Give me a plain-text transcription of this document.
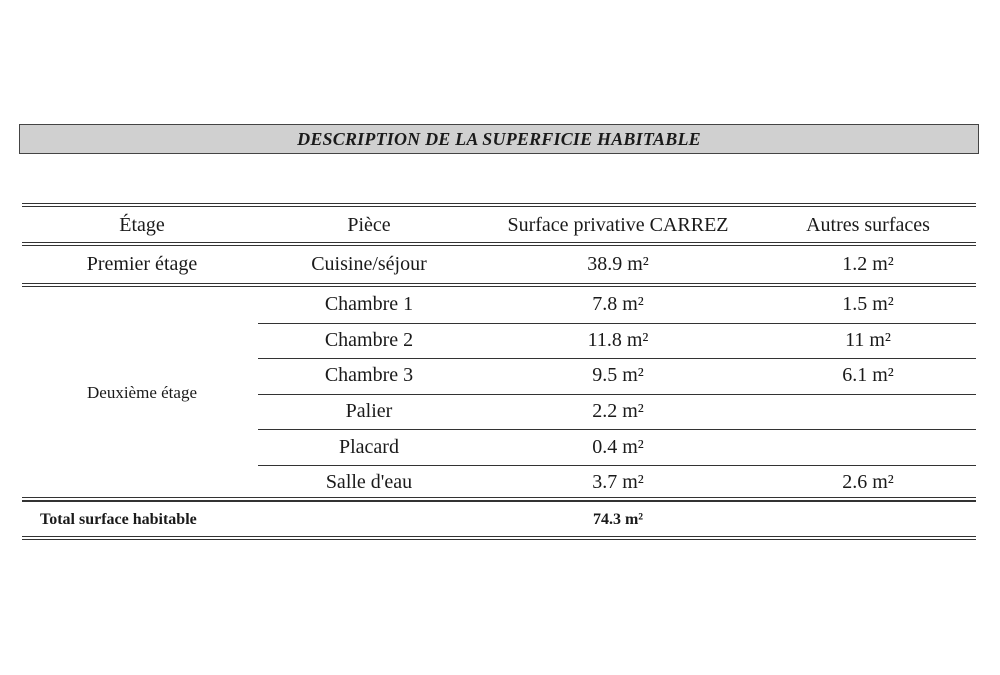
DESCRIPTION DE LA SUPERFICIE HABITABLE
Étage	Pièce	Surface privative CARREZ	Autres surfaces
Premier étage	Cuisine/séjour	38.9 m²	1.2 m²
Deuxième étage
Chambre 1	7.8 m²	1.5 m²
Chambre 2	11.8 m²	11 m²
Chambre 3	9.5 m²	6.1 m²
Palier	2.2 m²
Placard	0.4 m²
Salle d'eau	3.7 m²	2.6 m²
Total surface habitable	74.3 m²
